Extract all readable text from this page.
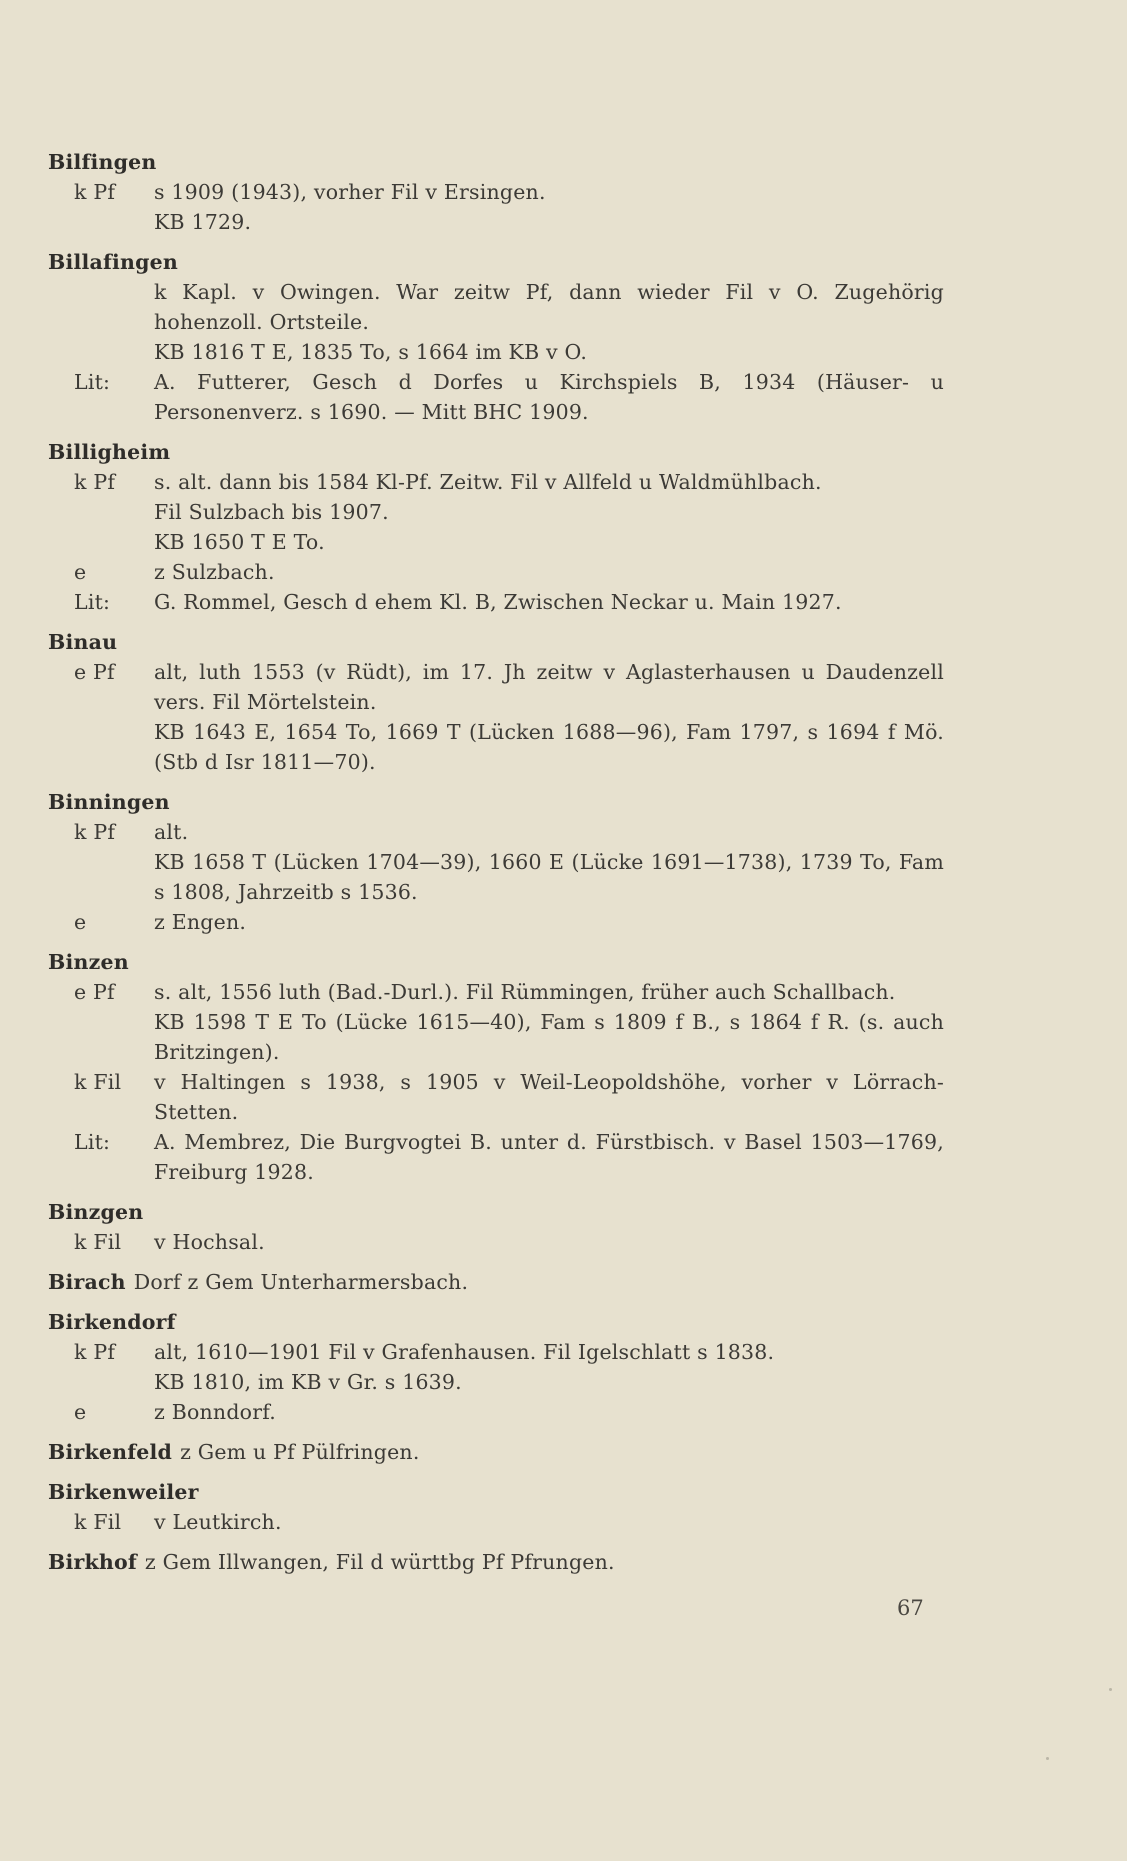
Bilfingen
k Pf	s 1909 (1943), vorher Fil v Ersingen.
KB 1729.
Billafingen
k Kapl. v Owingen. War zeitw Pf, dann wieder Fil v O. Zugehörig hohenzoll. Ortsteile.
KB 1816 T E, 1835 To, s 1664 im KB v O.
Lit:	A. Futterer, Gesch d Dorfes u Kirchspiels B, 1934 (Häuser- u Personenverz. s 1690. — Mitt BHC 1909.
Billigheim
k Pf	s. alt. dann bis 1584 Kl-Pf. Zeitw. Fil v Allfeld u Waldmühlbach.
Fil Sulzbach bis 1907.
KB 1650 T E To.
e	z Sulzbach.
Lit:	G. Rommel, Gesch d ehem Kl. B, Zwischen Neckar u. Main 1927.
Binau
e Pf	alt, luth 1553 (v Rüdt), im 17. Jh zeitw v Aglasterhausen u Daudenzell vers. Fil Mörtelstein.
KB 1643 E, 1654 To, 1669 T (Lücken 1688—96), Fam 1797, s 1694 f Mö. (Stb d Isr 1811—70).
Binningen
k Pf	alt.
KB 1658 T (Lücken 1704—39), 1660 E (Lücke 1691—1738), 1739 To, Fam s 1808, Jahrzeitb s 1536.
e	z Engen.
Binzen
e Pf	s. alt, 1556 luth (Bad.-Durl.). Fil Rümmingen, früher auch Schallbach.
KB 1598 T E To (Lücke 1615—40), Fam s 1809 f B., s 1864 f R. (s. auch Britzingen).
k Fil	v Haltingen s 1938, s 1905 v Weil-Leopoldshöhe, vorher v Lörrach-Stetten.
Lit:	A. Membrez, Die Burgvogtei B. unter d. Fürstbisch. v Basel 1503—1769, Freiburg 1928.
Binzgen
k Fil	v Hochsal.
Birach Dorf z Gem Unterharmersbach.
Birkendorf
k Pf	alt, 1610—1901 Fil v Grafenhausen. Fil Igelschlatt s 1838.
KB 1810, im KB v Gr. s 1639.
e	z Bonndorf.
Birkenfeld z Gem u Pf Pülfringen.
Birkenweiler
k Fil	v Leutkirch.
Birkhof z Gem Illwangen, Fil d württbg Pf Pfrungen.
67
